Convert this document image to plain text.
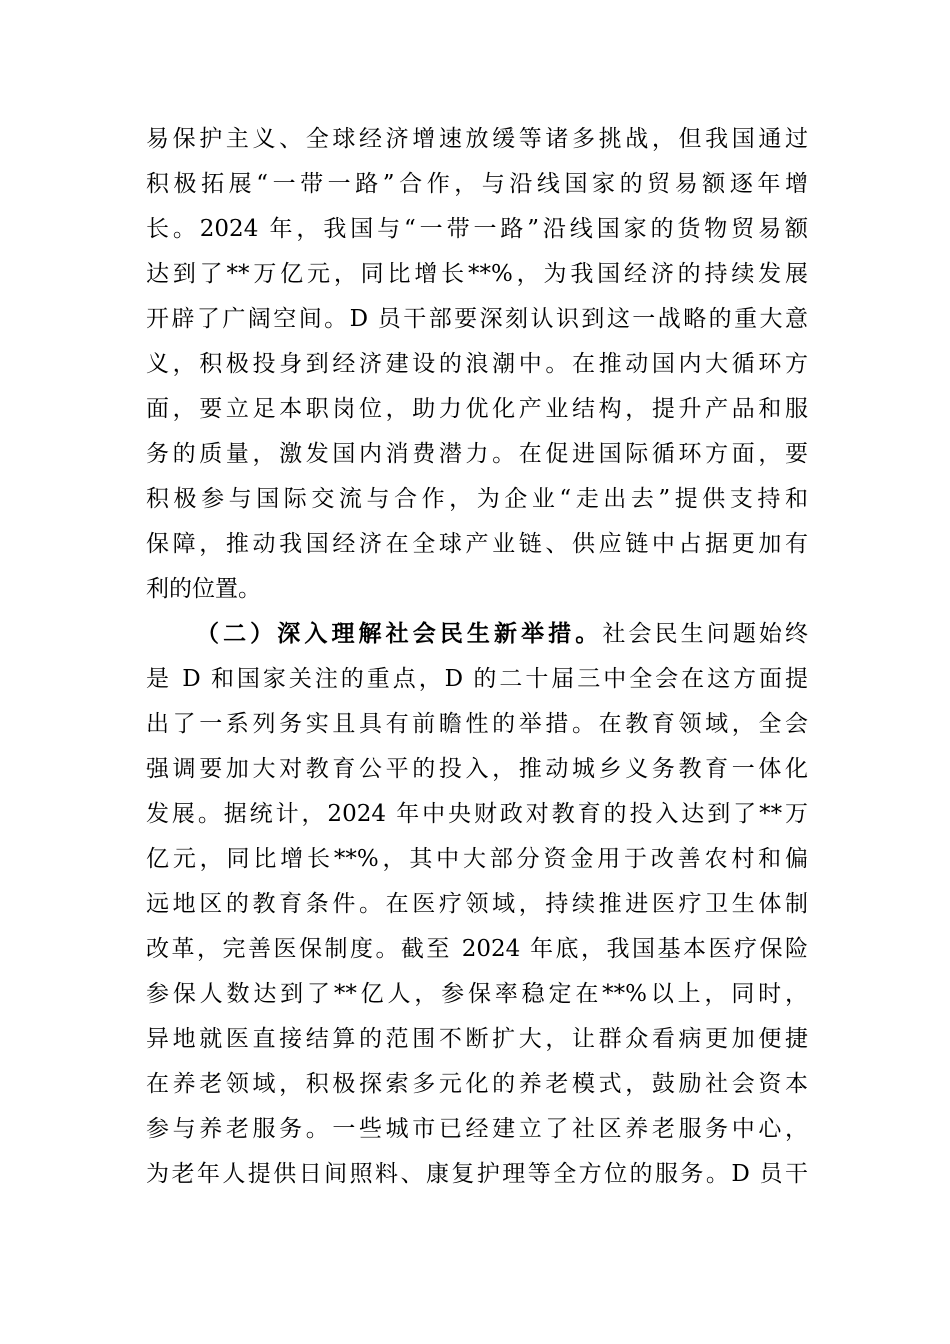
易保护主义、全球经济增速放缓等诸多挑战，但我国通过
积极拓展“一带一路”合作，与沿线国家的贸易额逐年增
长。2024 年，我国与“一带一路”沿线国家的货物贸易额
达到了**万亿元，同比增长**%，为我国经济的持续发展
开辟了广阔空间。D 员干部要深刻认识到这一战略的重大意
义，积极投身到经济建设的浪潮中。在推动国内大循环方
面，要立足本职岗位，助力优化产业结构，提升产品和服
务的质量，激发国内消费潜力。在促进国际循环方面，要
积极参与国际交流与合作，为企业“走出去”提供支持和
保障，推动我国经济在全球产业链、供应链中占据更加有
利的位置。
（二）深入理解社会民生新举措。社会民生问题始终
是 D 和国家关注的重点，D 的二十届三中全会在这方面提
出了一系列务实且具有前瞻性的举措。在教育领域，全会
强调要加大对教育公平的投入，推动城乡义务教育一体化
发展。据统计，2024 年中央财政对教育的投入达到了**万
亿元，同比增长**%，其中大部分资金用于改善农村和偏
远地区的教育条件。在医疗领域，持续推进医疗卫生体制
改革，完善医保制度。截至 2024 年底，我国基本医疗保险
参保人数达到了**亿人，参保率稳定在**%以上，同时，
异地就医直接结算的范围不断扩大，让群众看病更加便捷
在养老领域，积极探索多元化的养老模式，鼓励社会资本
参与养老服务。一些城市已经建立了社区养老服务中心，
为老年人提供日间照料、康复护理等全方位的服务。D 员干
